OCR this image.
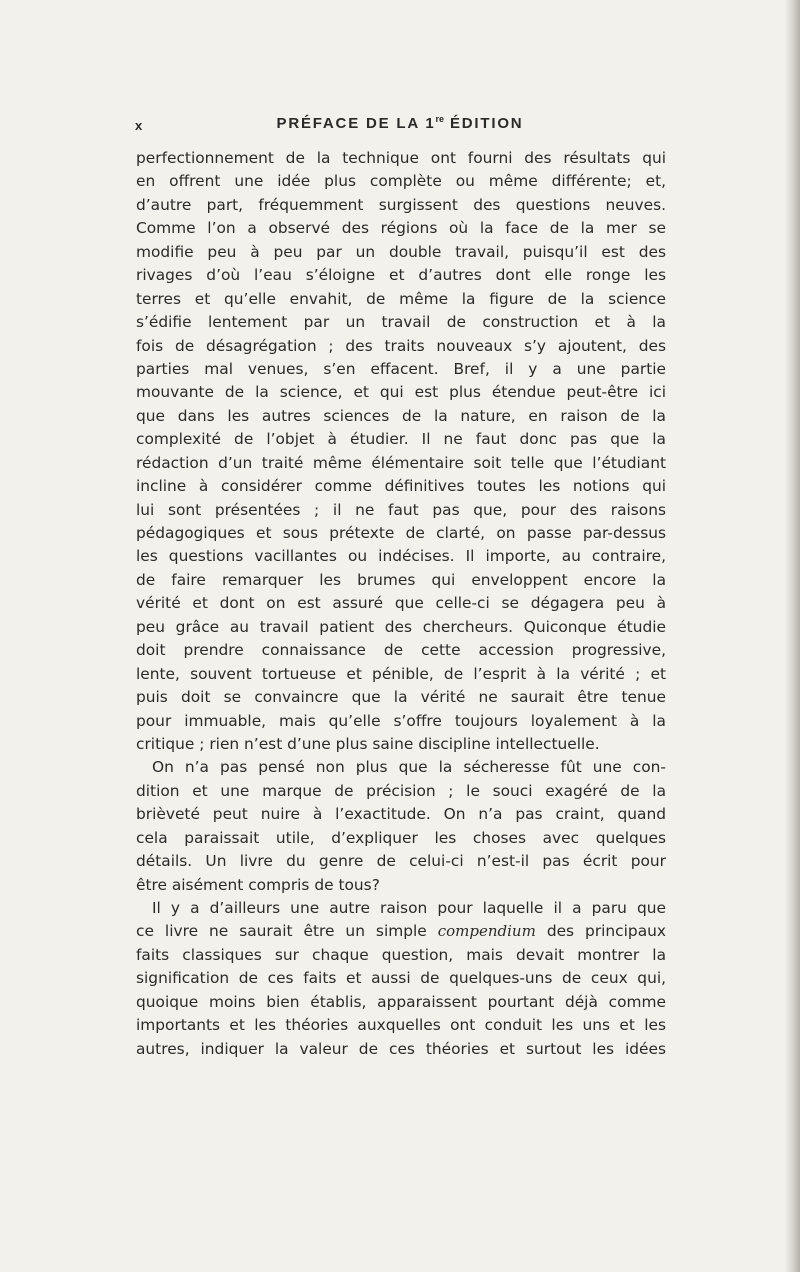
x	PRÉFACE DE LA 1re ÉDITION
perfectionnement de la technique ont fourni des résultats qui
en offrent une idée plus complète ou même différente; et,
d’autre part, fréquemment surgissent des questions neuves.
Comme l’on a observé des régions où la face de la mer se
modifie peu à peu par un double travail, puisqu’il est des
rivages d’où l’eau s’éloigne et d’autres dont elle ronge les
terres et qu’elle envahit, de même la figure de la science
s’édifie lentement par un travail de construction et à la
fois de désagrégation ; des traits nouveaux s’y ajoutent, des
parties mal venues, s’en effacent. Bref, il y a une partie
mouvante de la science, et qui est plus étendue peut-être ici
que dans les autres sciences de la nature, en raison de la
complexité de l’objet à étudier. Il ne faut donc pas que la
rédaction d’un traité même élémentaire soit telle que l’étudiant
incline à considérer comme définitives toutes les notions qui
lui sont présentées ; il ne faut pas que, pour des raisons
pédagogiques et sous prétexte de clarté, on passe par-dessus
les questions vacillantes ou indécises. Il importe, au contraire,
de faire remarquer les brumes qui enveloppent encore la
vérité et dont on est assuré que celle-ci se dégagera peu à
peu grâce au travail patient des chercheurs. Quiconque étudie
doit prendre connaissance de cette accession progressive,
lente, souvent tortueuse et pénible, de l’esprit à la vérité ; et
puis doit se convaincre que la vérité ne saurait être tenue
pour immuable, mais qu’elle s’offre toujours loyalement à la
critique ; rien n’est d’une plus saine discipline intellectuelle.
On n’a pas pensé non plus que la sécheresse fût une con-
dition et une marque de précision ; le souci exagéré de la
brièveté peut nuire à l’exactitude. On n’a pas craint, quand
cela paraissait utile, d’expliquer les choses avec quelques
détails. Un livre du genre de celui-ci n’est-il pas écrit pour
être aisément compris de tous?
Il y a d’ailleurs une autre raison pour laquelle il a paru que
ce livre ne saurait être un simple compendium des principaux
faits classiques sur chaque question, mais devait montrer la
signification de ces faits et aussi de quelques-uns de ceux qui,
quoique moins bien établis, apparaissent pourtant déjà comme
importants et les théories auxquelles ont conduit les uns et les
autres, indiquer la valeur de ces théories et surtout les idées
